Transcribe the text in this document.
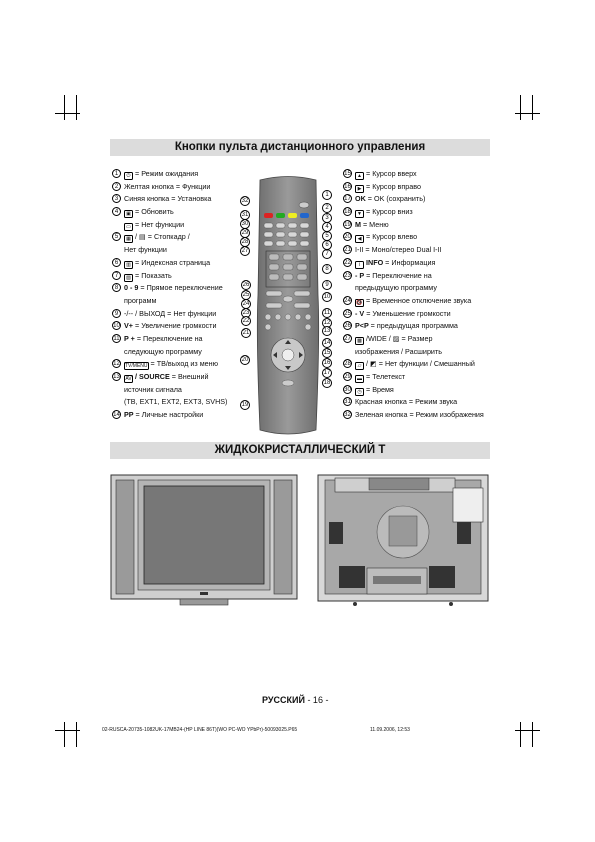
Кнопки пульта дистанционного управления
1	⏻ = Режим ожидания
2 Желтая кнопка = Функции
3 Синяя кнопка = Установка
4	▣ = Обновить
▭ = Нет функции
5	▦ / ▤ = Стопкадр /
Нет функции
6	▥ = Индексная страница
7	▧ = Показать
8 0 - 9 = Прямое переключение
программ
9 -/-- / ВЫХОД = Нет функции
10 V+ = Увеличение громкости
11 P + = Переключение на
следующую программу
12 TV/MENU = ТВ/выход из меню
13 AV / SOURCE = Внешний
источник сигнала
(ТВ, EXT1, EXT2, EXT3, SVHS)
14 PP = Личные настройки
15	▲ = Курсор вверх
16	▶ = Курсор вправо
17 OK = OK (сохранить)
18	▼ = Курсор вниз
19 M = Меню
20	◀ = Курсор влево
21 I-II = Моно/стерео Dual I-II
22	i INFO = Информация
23 - P = Переключение на
предыдущую программу
24 🔇 = Временное отключение звука
25 - V = Уменьшение громкости
26 P<P = предыдущая программа
27	▩ /WIDE / ▨ = Размер
изображения / Расширить
28	▱ / ◩ = Нет функции / Смешанный
29	▬ = Телетекст
30	◷ = Время
31 Красная кнопка = Режим звука
32 Зеленая кнопка = Режим изображения
32
31
30
29
28
27
26
25
24
23
22
21
20
19
1
2
3
4
5
6
7
8
9
10
11
12
13
14
15
16
17
18
ЖИДКОКРИСТАЛЛИЧЕСКИЙ Т
РУССКИЙ - 16 -
02-RUSCA-20735-1082UK-17MB24-(HP LINE 86T)(WO PC-WO YPbPr)-50093025.P65	11.09.2006, 12:53
